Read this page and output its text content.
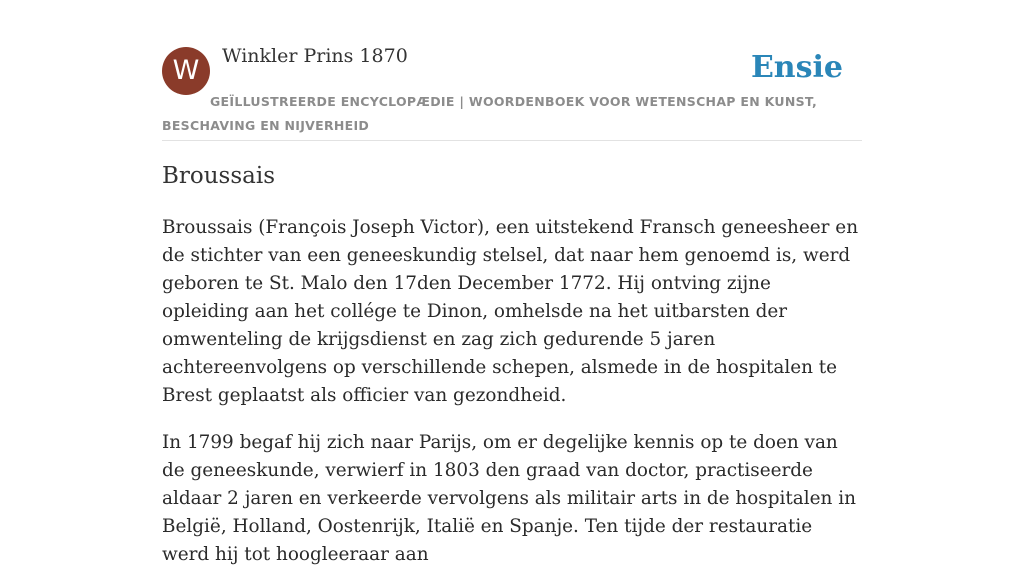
W	Winkler Prins 1870	Ensie
GEÏLLUSTREERDE ENCYCLOPÆDIE | WOORDENBOEK VOOR WETENSCHAP EN KUNST, BESCHAVING EN NIJVERHEID
Broussais

Broussais (François Joseph Victor), een uitstekend Fransch geneesheer en de stichter van een geneeskundig stelsel, dat naar hem genoemd is, werd geboren te St. Malo den 17den December 1772. Hij ontving zijne opleiding aan het collége te Dinon, omhelsde na het uitbarsten der omwenteling de krijgsdienst en zag zich gedurende 5 jaren achtereenvolgens op verschillende schepen, alsmede in de hospitalen te Brest geplaatst als officier van gezondheid.

In 1799 begaf hij zich naar Parijs, om er degelijke kennis op te doen van de geneeskunde, verwierf in 1803 den graad van doctor, practiseerde aldaar 2 jaren en verkeerde vervolgens als militair arts in de hospitalen in België, Holland, Oostenrijk, Italië en Spanje. Ten tijde der restauratie werd hij tot hoogleeraar aan
